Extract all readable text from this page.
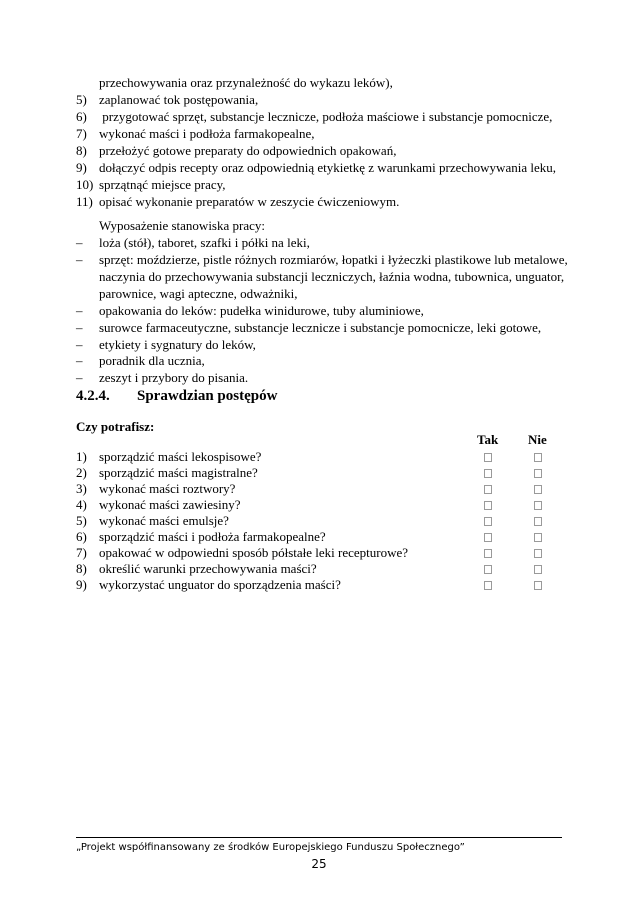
przechowywania oraz przynależność do wykazu leków),
5) zaplanować tok postępowania,
6) przygotować sprzęt, substancje lecznicze, podłoża maściowe i substancje pomocnicze,
7) wykonać maści i podłoża farmakopealne,
8) przełożyć gotowe preparaty do odpowiednich opakowań,
9) dołączyć odpis recepty oraz odpowiednią etykietkę z warunkami przechowywania leku,
10) sprzątnąć miejsce pracy,
11) opisać wykonanie preparatów w zeszycie ćwiczeniowym.
Wyposażenie stanowiska pracy:
– loża (stół), taboret, szafki i półki na leki,
– sprzęt: moździerze, pistle różnych rozmiarów, łopatki i łyżeczki plastikowe lub metalowe,
naczynia do przechowywania substancji leczniczych, łaźnia wodna, tubownica, unguator,
parownice, wagi apteczne, odważniki,
– opakowania do leków: pudełka winidurowe, tuby aluminiowe,
– surowce farmaceutyczne, substancje lecznicze i substancje pomocnicze, leki gotowe,
– etykiety i sygnatury do leków,
– poradnik dla ucznia,
– zeszyt i przybory do pisania.
4.2.4. Sprawdzian postępów
Czy potrafisz:
Tak Nie
1) sporządzić maści lekospisowe?
2) sporządzić maści magistralne?
3) wykonać maści roztwory?
4) wykonać maści zawiesiny?
5) wykonać maści emulsje?
6) sporządzić maści i podłoża farmakopealne?
7) opakować w odpowiedni sposób półstałe leki recepturowe?
8) określić warunki przechowywania maści?
9) wykorzystać unguator do sporządzenia maści?
„Projekt współfinansowany ze środków Europejskiego Funduszu Społecznego”
25
